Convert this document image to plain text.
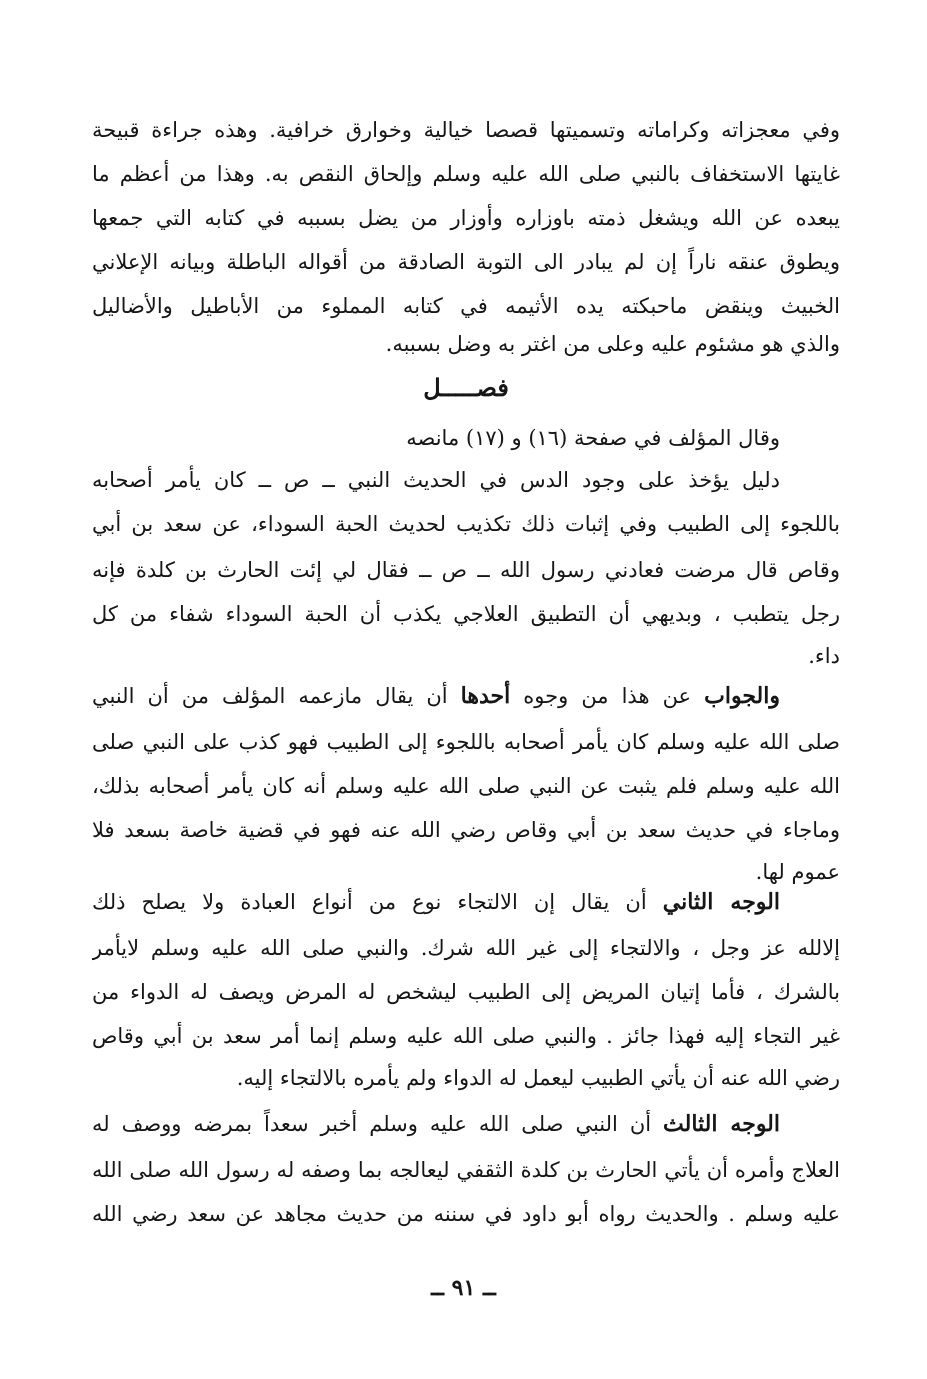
وفي معجزاته وكراماته وتسميتها قصصا خيالية وخوارق خرافية. وهذه جراءة قبيحة
غايتها الاستخفاف بالنبي صلى الله عليه وسلم وإلحاق النقص به. وهذا من أعظم ما
يبعده عن الله ويشغل ذمته باوزاره وأوزار من يضل بسببه في كتابه التي جمعها
ويطوق عنقه ناراً إن لم يبادر الى التوبة الصادقة من أقواله الباطلة وبيانه الإعلاني
الخبيث وينقض ماحبكته يده الأثيمه في كتابه المملوء من الأباطيل والأضاليل
والذي هو مشئوم عليه وعلى من اغتر به وضل بسببه.
فصـــــل
وقال المؤلف في صفحة (١٦) و (١٧) مانصه
دليل يؤخذ على وجود الدس في الحديث النبي ــ ص ــ كان يأمر أصحابه
باللجوء إلى الطبيب وفي إثبات ذلك تكذيب لحديث الحبة السوداء، عن سعد بن أبي
وقاص قال مرضت فعادني رسول الله ــ ص ــ فقال لي إئت الحارث بن كلدة فإنه
رجل يتطبب ، وبديهي أن التطبيق العلاجي يكذب أن الحبة السوداء شفاء من كل
داء.
والجواب عن هذا من وجوه أحدها أن يقال مازعمه المؤلف من أن النبي
صلى الله عليه وسلم كان يأمر أصحابه باللجوء إلى الطبيب فهو كذب على النبي صلى
الله عليه وسلم فلم يثبت عن النبي صلى الله عليه وسلم أنه كان يأمر أصحابه بذلك،
وماجاء في حديث سعد بن أبي وقاص رضي الله عنه فهو في قضية خاصة بسعد فلا
عموم لها.
الوجه الثاني أن يقال إن الالتجاء نوع من أنواع العبادة ولا يصلح ذلك
إلالله عز وجل ، والالتجاء إلى غير الله شرك. والنبي صلى الله عليه وسلم لايأمر
بالشرك ، فأما إتيان المريض إلى الطبيب ليشخص له المرض ويصف له الدواء من
غير التجاء إليه فهذا جائز . والنبي صلى الله عليه وسلم إنما أمر سعد بن أبي وقاص
رضي الله عنه أن يأتي الطبيب ليعمل له الدواء ولم يأمره بالالتجاء إليه.
الوجه الثالث أن النبي صلى الله عليه وسلم أخبر سعداً بمرضه ووصف له
العلاج وأمره أن يأتي الحارث بن كلدة الثقفي ليعالجه بما وصفه له رسول الله صلى الله
عليه وسلم . والحديث رواه أبو داود في سننه من حديث مجاهد عن سعد رضي الله
ــ ٩١ ــ
